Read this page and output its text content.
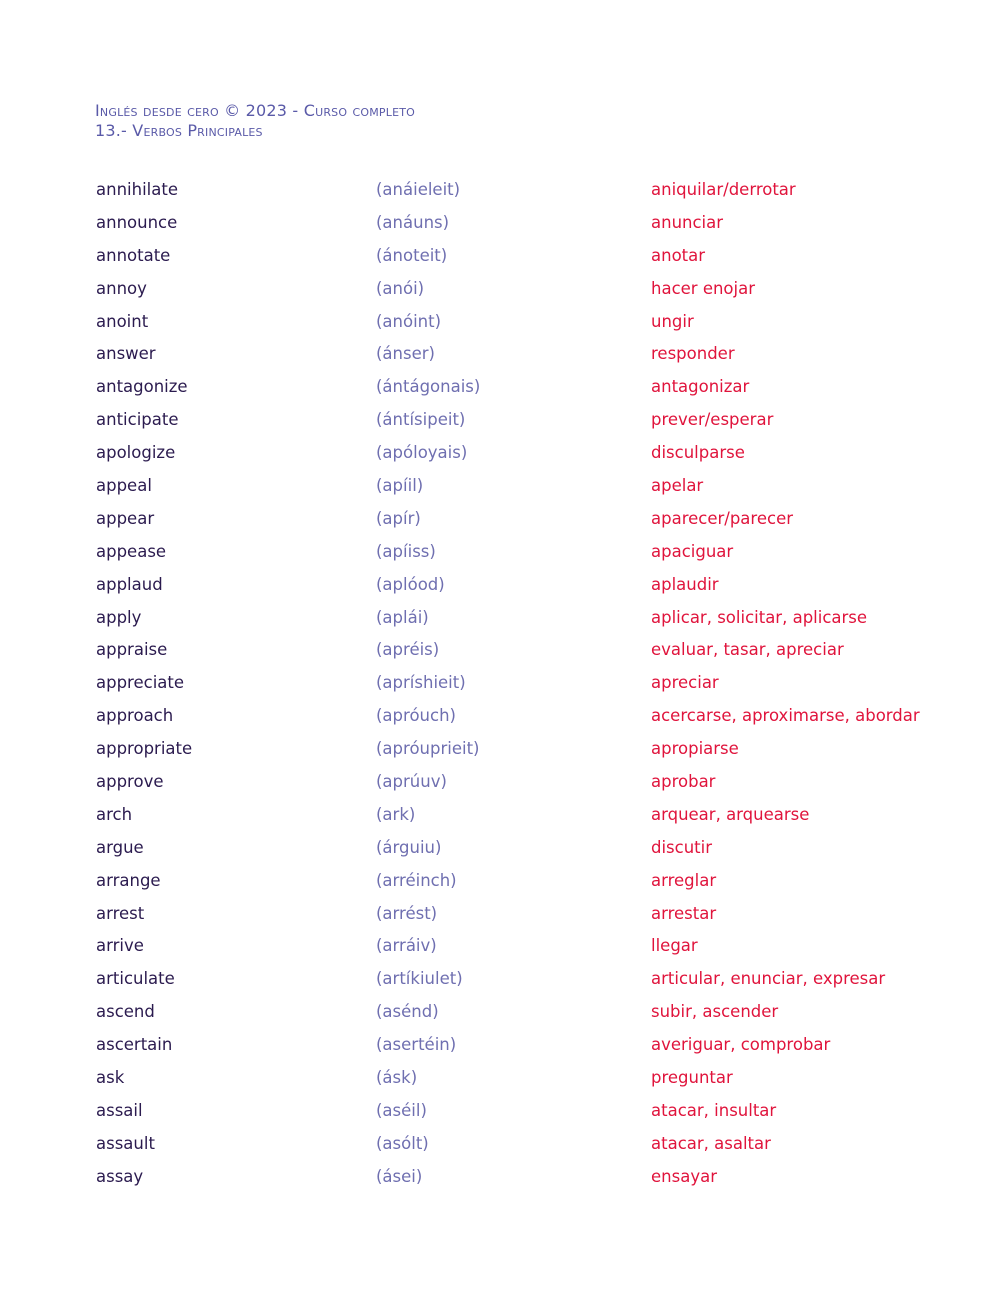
Inglés desde cero © 2023 - Curso completo
13.- Verbos Principales
annihilate	(anáieleit)	aniquilar/derrotar
announce	(anáuns)	anunciar
annotate	(ánoteit)	anotar
annoy	(anói)	hacer enojar
anoint	(anóint)	ungir
answer	(ánser)	responder
antagonize	(ántágonais)	antagonizar
anticipate	(ántísipeit)	prever/esperar
apologize	(apóloyais)	disculparse
appeal	(apíil)	apelar
appear	(apír)	aparecer/parecer
appease	(apíiss)	apaciguar
applaud	(aplóod)	aplaudir
apply	(aplái)	aplicar, solicitar, aplicarse
appraise	(apréis)	evaluar, tasar, apreciar
appreciate	(apríshieit)	apreciar
approach	(apróuch)	acercarse, aproximarse, abordar
appropriate	(apróuprieit)	apropiarse
approve	(aprúuv)	aprobar
arch	(ark)	arquear, arquearse
argue	(árguiu)	discutir
arrange	(arréinch)	arreglar
arrest	(arrést)	arrestar
arrive	(arráiv)	llegar
articulate	(artíkiulet)	articular, enunciar, expresar
ascend	(asénd)	subir, ascender
ascertain	(asertéin)	averiguar, comprobar
ask	(ásk)	preguntar
assail	(aséil)	atacar, insultar
assault	(asólt)	atacar, asaltar
assay	(ásei)	ensayar
